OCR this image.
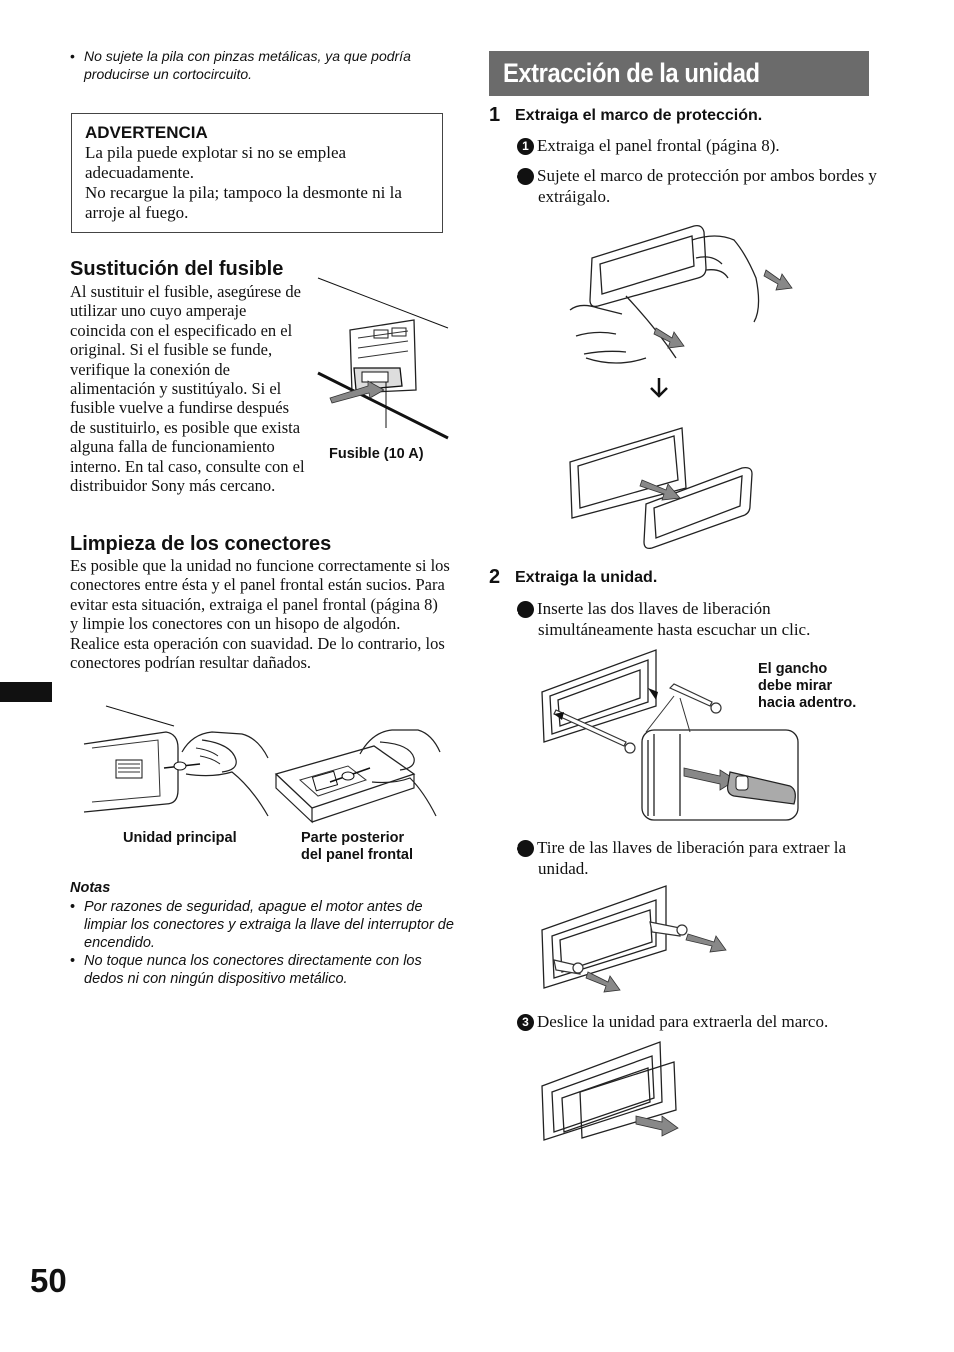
• No sujete la pila con pinzas metálicas, ya que podría producirse un cortocircuito.
ADVERTENCIA
La pila puede explotar si no se emplea adecuadamente.
No recargue la pila; tampoco la desmonte ni la arroje al fuego.
Sustitución del fusible
Al sustituir el fusible, asegúrese de utilizar uno cuyo amperaje coincida con el especificado en el original. Si el fusible se funde, verifique la conexión de alimentación y sustitúyalo. Si el fusible vuelve a fundirse después de sustituirlo, es posible que exista alguna falla de funcionamiento interno. En tal caso, consulte con el distribuidor Sony más cercano.
Fusible (10 A)
Limpieza de los conectores
Es posible que la unidad no funcione correctamente si los conectores entre ésta y el panel frontal están sucios. Para evitar esta situación, extraiga el panel frontal (página 8) y limpie los conectores con un hisopo de algodón. Realice esta operación con suavidad. De lo contrario, los conectores podrían resultar dañados.
Unidad principal	Parte posterior
del panel frontal
Notas
• Por razones de seguridad, apague el motor antes de limpiar los conectores y extraiga la llave del interruptor de encendido.
• No toque nunca los conectores directamente con los dedos ni con ningún dispositivo metálico.
50
Extracción de la unidad
1 Extraiga el marco de protección.
1 Extraiga el panel frontal (página 8).
2 Sujete el marco de protección por ambos bordes y extráigalo.
2 Extraiga la unidad.
1 Inserte las dos llaves de liberación simultáneamente hasta escuchar un clic.
El gancho
debe mirar
hacia adentro.
2 Tire de las llaves de liberación para extraer la unidad.
3 Deslice la unidad para extraerla del marco.
